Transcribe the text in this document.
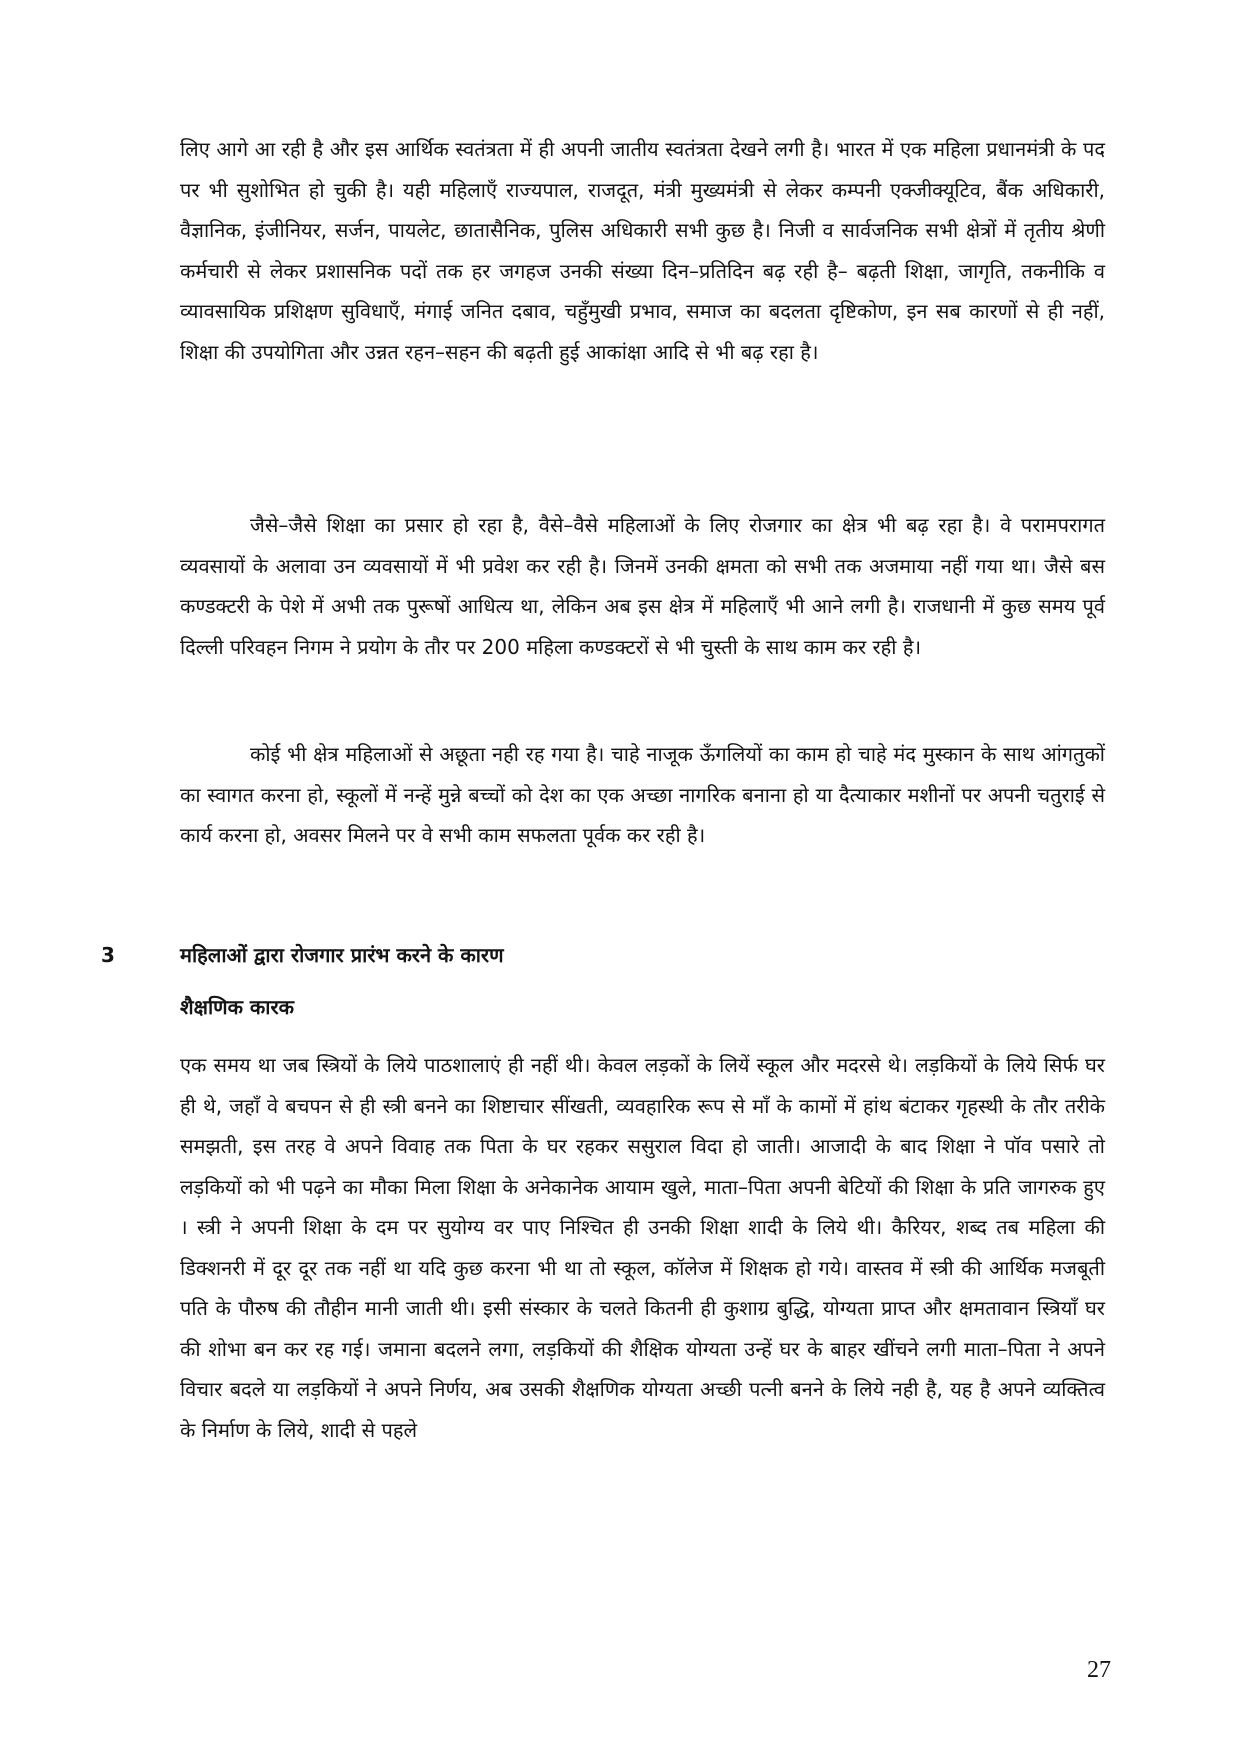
लिए आगे आ रही है और इस आर्थिक स्वतंत्रता में ही अपनी जातीय स्वतंत्रता देखने लगी है। भारत में एक महिला प्रधानमंत्री के पद पर भी सुशोभित हो चुकी है। यही महिलाएँ राज्यपाल, राजदूत, मंत्री मुख्यमंत्री से लेकर कम्पनी एक्जीक्यूटिव, बैंक अधिकारी, वैज्ञानिक, इंजीनियर, सर्जन, पायलेट, छातासैनिक, पुलिस अधिकारी सभी कुछ है। निजी व सार्वजनिक सभी क्षेत्रों में तृतीय श्रेणी कर्मचारी से लेकर प्रशासनिक पदों तक हर जगहज उनकी संख्या दिन–प्रतिदिन बढ़ रही है– बढ़ती शिक्षा, जागृति, तकनीकि व व्यावसायिक प्रशिक्षण सुविधाएँ, मंगाई जनित दबाव, चहुँमुखी प्रभाव, समाज का बदलता दृष्टिकोण, इन सब कारणों से ही नहीं, शिक्षा की उपयोगिता और उन्नत रहन–सहन की बढ़ती हुई आकांक्षा आदि से भी बढ़ रहा है।

जैसे–जैसे शिक्षा का प्रसार हो रहा है, वैसे–वैसे महिलाओं के लिए रोजगार का क्षेत्र भी बढ़ रहा है। वे परामपरागत व्यवसायों के अलावा उन व्यवसायों में भी प्रवेश कर रही है। जिनमें उनकी क्षमता को सभी तक अजमाया नहीं गया था। जैसे बस कण्डक्टरी के पेशे में अभी तक पुरूषों आधित्य था, लेकिन अब इस क्षेत्र में महिलाएँ भी आने लगी है। राजधानी में कुछ समय पूर्व दिल्ली परिवहन निगम ने प्रयोग के तौर पर 200 महिला कण्डक्टरों से भी चुस्ती के साथ काम कर रही है।

कोई भी क्षेत्र महिलाओं से अछूता नही रह गया है। चाहे नाजूक ऊँगलियों का काम हो चाहे मंद मुस्कान के साथ आंगतुकों का स्वागत करना हो, स्कूलों में नन्हें मुन्ने बच्चों को देश का एक अच्छा नागरिक बनाना हो या दैत्याकार मशीनों पर अपनी चतुराई से कार्य करना हो, अवसर मिलने पर वे सभी काम सफलता पूर्वक कर रही है।

3	महिलाओं द्वारा रोजगार प्रारंभ करने के कारण
शैक्षणिक कारक

एक समय था जब स्त्रियों के लिये पाठशालाएं ही नहीं थी। केवल लड़कों के लियें स्कूल और मदरसे थे। लड़कियों के लिये सिर्फ घर ही थे, जहाँ वे बचपन से ही स्त्री बनने का शिष्टाचार सींखती, व्यवहारिक रूप से माँ के कामों में हांथ बंटाकर गृहस्थी के तौर तरीके समझती, इस तरह वे अपने विवाह तक पिता के घर रहकर ससुराल विदा हो जाती। आजादी के बाद शिक्षा ने पॉव पसारे तो लड़कियों को भी पढ़ने का मौका मिला शिक्षा के अनेकानेक आयाम खुले, माता–पिता अपनी बेटियों की शिक्षा के प्रति जागरुक हुए । स्त्री ने अपनी शिक्षा के दम पर सुयोग्य वर पाए निश्चित ही उनकी शिक्षा शादी के लिये थी। कैरियर, शब्द तब महिला की डिक्शनरी में दूर दूर तक नहीं था यदि कुछ करना भी था तो स्कूल, कॉलेज में शिक्षक हो गये। वास्तव में स्त्री की आर्थिक मजबूती पति के पौरुष की तौहीन मानी जाती थी। इसी संस्कार के चलते कितनी ही कुशाग्र बुद्धि, योग्यता प्राप्त और क्षमतावान स्त्रियाँ घर की शोभा बन कर रह गई। जमाना बदलने लगा, लड़कियों की शैक्षिक योग्यता उन्हें घर के बाहर खींचने लगी माता–पिता ने अपने विचार बदले या लड़कियों ने अपने निर्णय, अब उसकी शैक्षणिक योग्यता अच्छी पत्नी बनने के लिये नही है, यह है अपने व्यक्तित्व के निर्माण के लिये, शादी से पहले

27
